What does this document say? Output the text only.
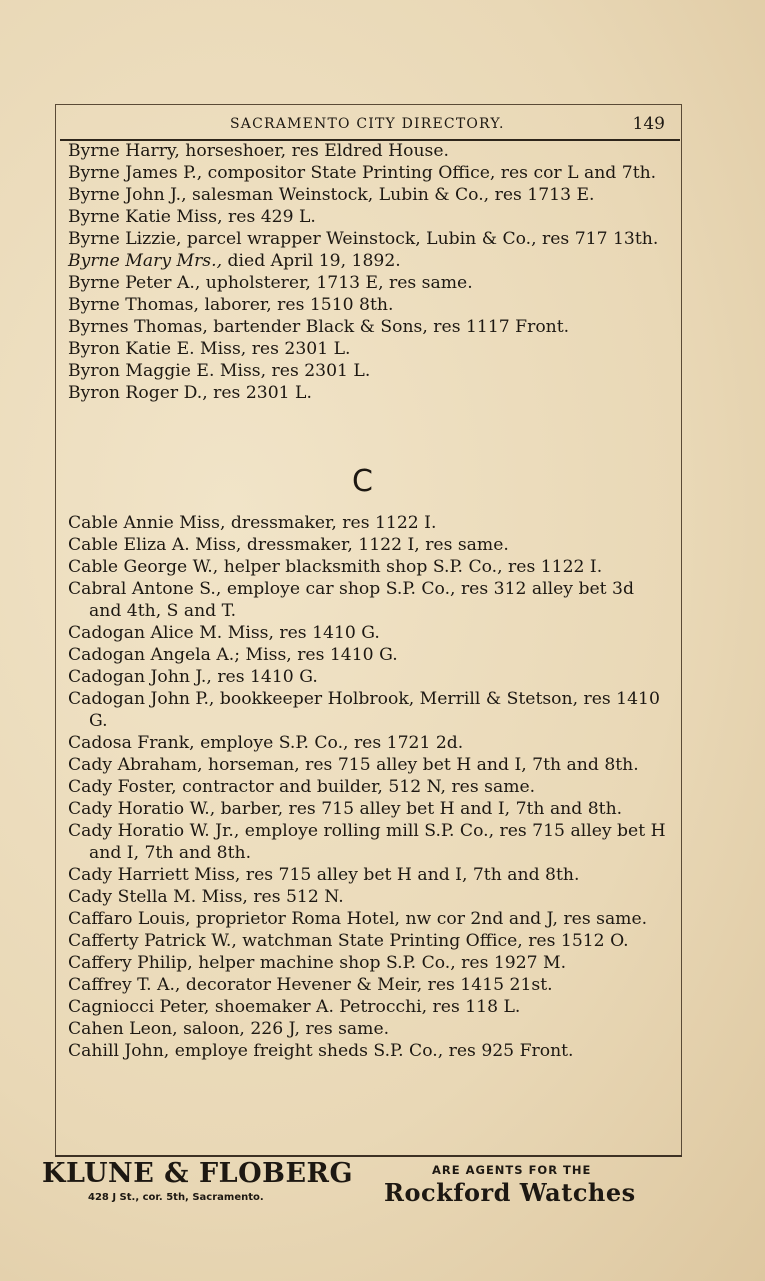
SACRAMENTO CITY DIRECTORY.	149
Byrne Harry, horseshoer, res Eldred House.
Byrne James P., compositor State Printing Office, res cor L and 7th.
Byrne John J., salesman Weinstock, Lubin & Co., res 1713 E.
Byrne Katie Miss, res 429 L.
Byrne Lizzie, parcel wrapper Weinstock, Lubin & Co., res 717 13th.
Byrne Mary Mrs., died April 19, 1892.
Byrne Peter A., upholsterer, 1713 E, res same.
Byrne Thomas, laborer, res 1510 8th.
Byrnes Thomas, bartender Black & Sons, res 1117 Front.
Byron Katie E. Miss, res 2301 L.
Byron Maggie E. Miss, res 2301 L.
Byron Roger D., res 2301 L.
C
Cable Annie Miss, dressmaker, res 1122 I.
Cable Eliza A. Miss, dressmaker, 1122 I, res same.
Cable George W., helper blacksmith shop S.P. Co., res 1122 I.
Cabral Antone S., employe car shop S.P. Co., res 312 alley bet 3d and 4th, S and T.
Cadogan Alice M. Miss, res 1410 G.
Cadogan Angela A.; Miss, res 1410 G.
Cadogan John J., res 1410 G.
Cadogan John P., bookkeeper Holbrook, Merrill & Stetson, res 1410 G.
Cadosa Frank, employe S.P. Co., res 1721 2d.
Cady Abraham, horseman, res 715 alley bet H and I, 7th and 8th.
Cady Foster, contractor and builder, 512 N, res same.
Cady Horatio W., barber, res 715 alley bet H and I, 7th and 8th.
Cady Horatio W. Jr., employe rolling mill S.P. Co., res 715 alley bet H and I, 7th and 8th.
Cady Harriett Miss, res 715 alley bet H and I, 7th and 8th.
Cady Stella M. Miss, res 512 N.
Caffaro Louis, proprietor Roma Hotel, nw cor 2nd and J, res same.
Cafferty Patrick W., watchman State Printing Office, res 1512 O.
Caffery Philip, helper machine shop S.P. Co., res 1927 M.
Caffrey T. A., decorator Hevener & Meir, res 1415 21st.
Cagniocci Peter, shoemaker A. Petrocchi, res 118 L.
Cahen Leon, saloon, 226 J, res same.
Cahill John, employe freight sheds S.P. Co., res 925 Front.
KLUNE & FLOBERG
428 J St., cor. 5th, Sacramento.
ARE AGENTS FOR THE
Rockford Watches
